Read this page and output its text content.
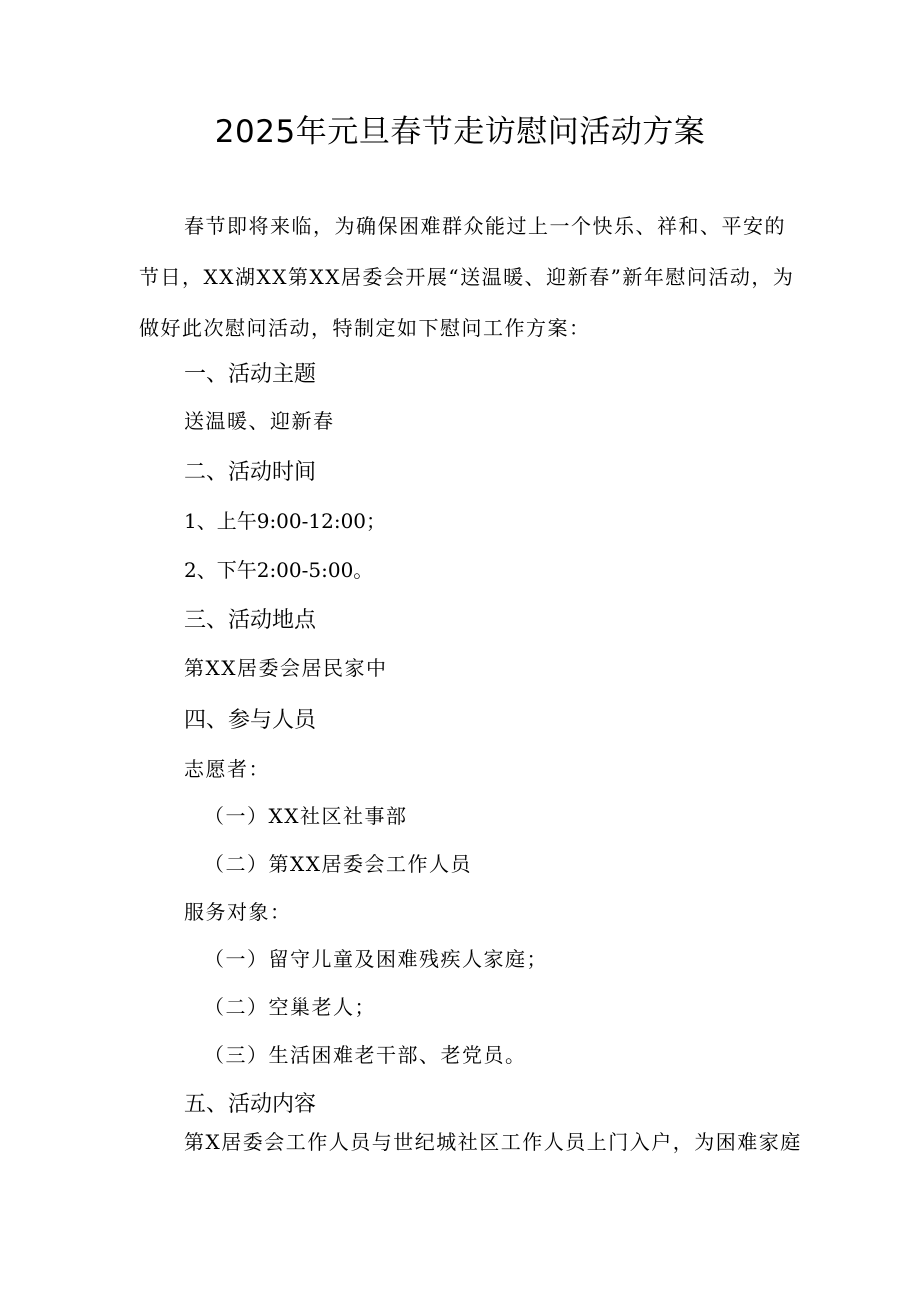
2025年元旦春节走访慰问活动方案
春节即将来临，为确保困难群众能过上一个快乐、祥和、平安的
节日，XX湖XX第XX居委会开展“送温暖、迎新春”新年慰问活动，为
做好此次慰问活动，特制定如下慰问工作方案：
一、活动主题
送温暖、迎新春
二、活动时间
1、上午9:00-12:00；
2、下午2:00-5:00。
三、活动地点
第XX居委会居民家中
四、参与人员
志愿者：
（一）XX社区社事部
（二）第XX居委会工作人员
服务对象：
（一）留守儿童及困难残疾人家庭；
（二）空巢老人；
（三）生活困难老干部、老党员。
五、活动内容
第X居委会工作人员与世纪城社区工作人员上门入户，为困难家庭
